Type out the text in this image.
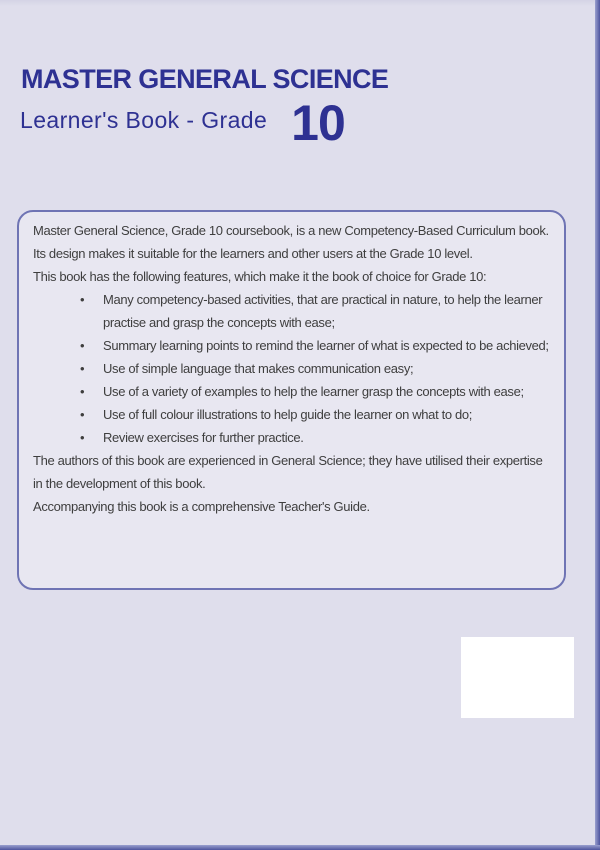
MASTER GENERAL SCIENCE
Learner's Book - Grade 10

Master General Science, Grade 10 coursebook, is a new Competency-Based Curriculum book. Its design makes it suitable for the learners and other users at the Grade 10 level.

This book has the following features, which make it the book of choice for Grade 10:

• Many competency-based activities, that are practical in nature, to help the learner practise and grasp the concepts with ease;
• Summary learning points to remind the learner of what is expected to be achieved;
• Use of simple language that makes communication easy;
• Use of a variety of examples to help the learner grasp the concepts with ease;
• Use of full colour illustrations to help guide the learner on what to do;
• Review exercises for further practice.

The authors of this book are experienced in General Science; they have utilised their expertise in the development of this book.

Accompanying this book is a comprehensive Teacher's Guide.
